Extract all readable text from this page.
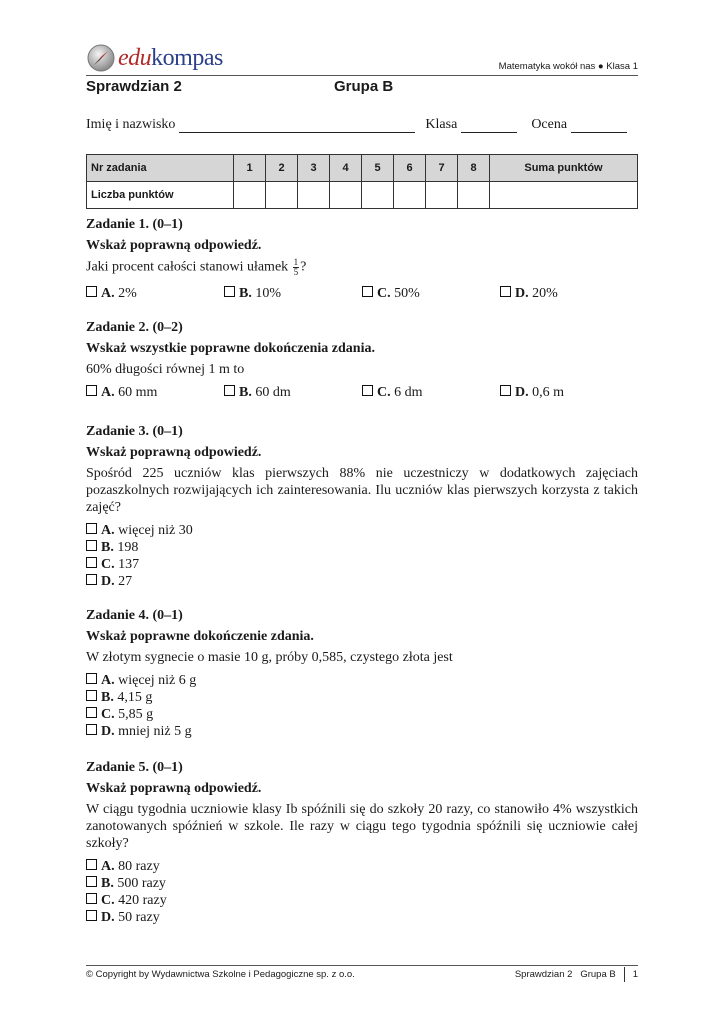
edukompas	Matematyka wokół nas ● Klasa 1
Sprawdzian 2	Grupa B
Imię i nazwisko	Klasa	Ocena
Nr zadania	1	2	3	4	5	6	7	8	Suma punktów
Liczba punktów									
Zadanie 1. (0–1)
Wskaż poprawną odpowiedź.
Jaki procent całości stanowi ułamek $\frac{1}{5}$ ?
A. 2%	B. 10%	C. 50%	D. 20%
Zadanie 2. (0–2)
Wskaż wszystkie poprawne dokończenia zdania.
60% długości równej 1 m to
A. 60 mm	B. 60 dm	C. 6 dm	D. 0,6 m
Zadanie 3. (0–1)
Wskaż poprawną odpowiedź.
Spośród 225 uczniów klas pierwszych 88% nie uczestniczy w dodatkowych zajęciach pozaszkolnych rozwijających ich zainteresowania. Ilu uczniów klas pierwszych korzysta z takich zajęć?
A. więcej niż 30
B. 198
C. 137
D. 27
Zadanie 4. (0–1)
Wskaż poprawne dokończenie zdania.
W złotym sygnecie o masie 10 g, próby 0,585, czystego złota jest
A. więcej niż 6 g
B. 4,15 g
C. 5,85 g
D. mniej niż 5 g
Zadanie 5. (0–1)
Wskaż poprawną odpowiedź.
W ciągu tygodnia uczniowie klasy Ib spóźnili się do szkoły 20 razy, co stanowiło 4% wszystkich zanotowanych spóźnień w szkole. Ile razy w ciągu tego tygodnia spóźnili się uczniowie całej szkoły?
A. 80 razy
B. 500 razy
C. 420 razy
D. 50 razy
© Copyright by Wydawnictwa Szkolne i Pedagogiczne sp. z o.o.	Sprawdzian 2   Grupa B 1
